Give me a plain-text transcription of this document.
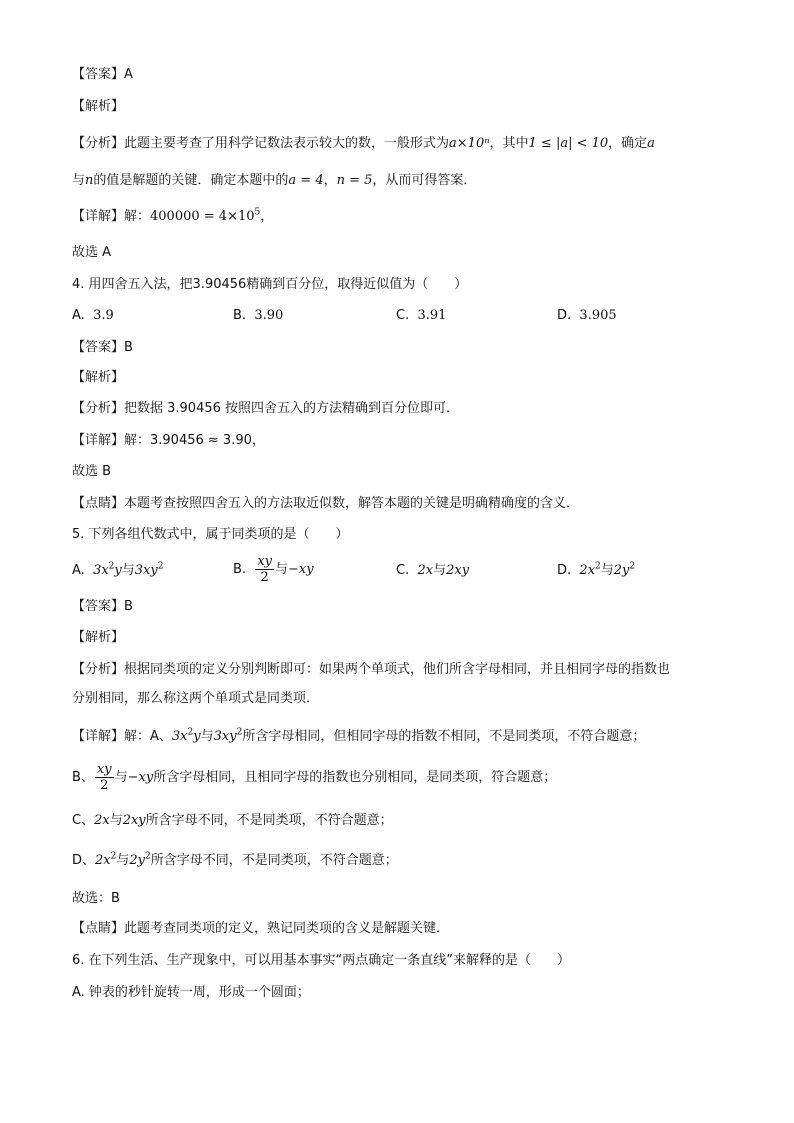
【答案】A
【解析】
【分析】此题主要考查了用科学记数法表示较大的数，一般形式为a×10ⁿ，其中1 ≤ |a| < 10，确定a
与n的值是解题的关键．确定本题中的a = 4，n = 5，从而可得答案．
【详解】解：$400000 = 4\times 10^5$，
故选 A
4. 用四舍五入法，把3.90456精确到百分位，取得近似值为（　　）
A. 3.9	B. 3.90	C. 3.91	D. 3.905
【答案】B
【解析】
【分析】把数据 3.90456 按照四舍五入的方法精确到百分位即可．
【详解】解：3.90456 ≈ 3.90，
故选 B
【点睛】本题考查按照四舍五入的方法取近似数，解答本题的关键是明确精确度的含义．
5. 下列各组代数式中，属于同类项的是（　　）
A. $3x^2y$与$3xy^2$	B. $\frac{xy}{2}$ 与−xy	C. 2x与2xy	D. $2x^2$与$2y^2$
【答案】B
【解析】
【分析】根据同类项的定义分别判断即可：如果两个单项式，他们所含字母相同，并且相同字母的指数也
分别相同，那么称这两个单项式是同类项．
【详解】解：A、$3x^2y$与$3xy^2$所含字母相同，但相同字母的指数不相同，不是同类项，不符合题意；
B、 $\frac{xy}{2}$ 与−xy所含字母相同，且相同字母的指数也分别相同，是同类项，符合题意；
C、2x与2xy所含字母不同，不是同类项，不符合题意；
D、$2x^2$与$2y^2$所含字母不同，不是同类项，不符合题意；
故选：B
【点睛】此题考查同类项的定义，熟记同类项的含义是解题关键．
6. 在下列生活、生产现象中，可以用基本事实“两点确定一条直线”来解释的是（　　）
A. 钟表的秒针旋转一周，形成一个圆面；
